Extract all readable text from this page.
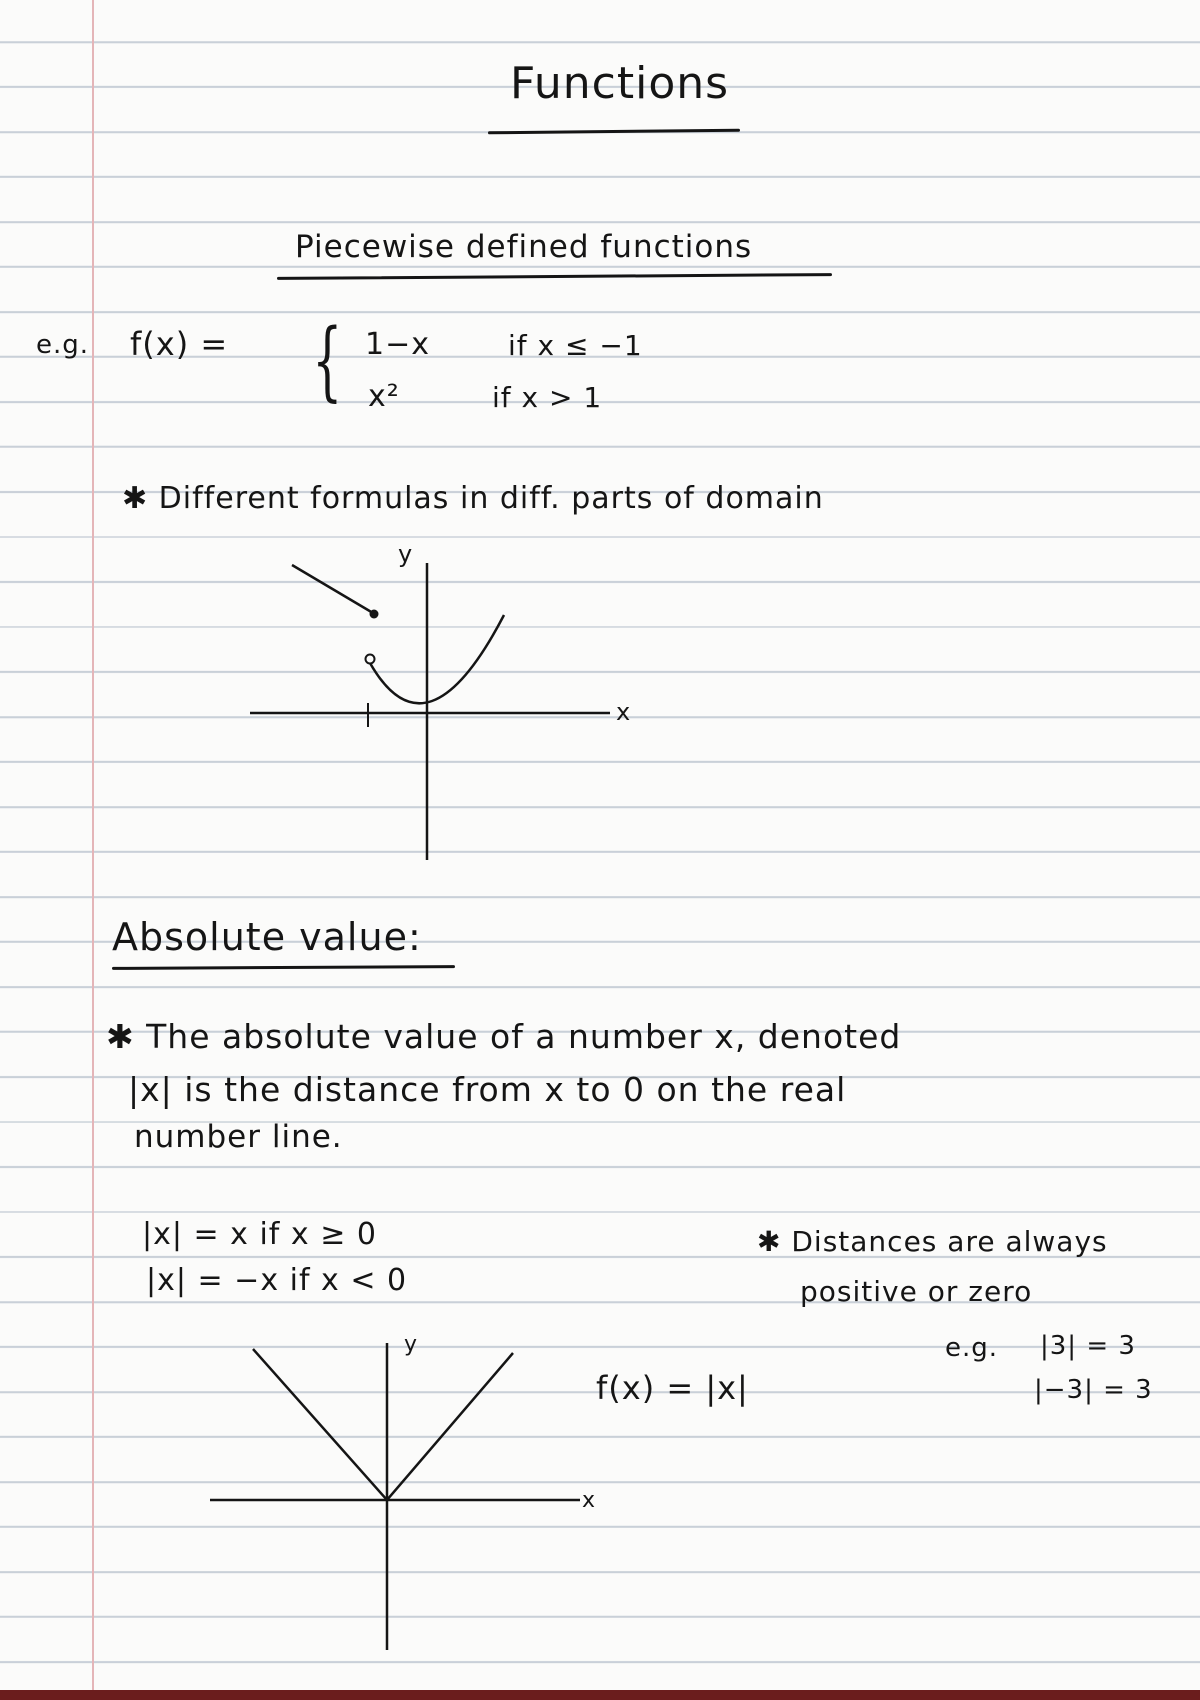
Functions
Piecewise defined functions
e.g. f(x) = { 1−x	if x ≤ −1
x²	if x > 1
✱ Different formulas in diff. parts of domain
y
x
Absolute value:
✱ The absolute value of a number x, denoted
|x| is the distance from x to 0 on the real
number line.
|x| = x if x ≥ 0
|x| = −x if x < 0
✱ Distances are always
positive or zero
e.g. |3| = 3
|−3| = 3
y
x
f(x) = |x|
